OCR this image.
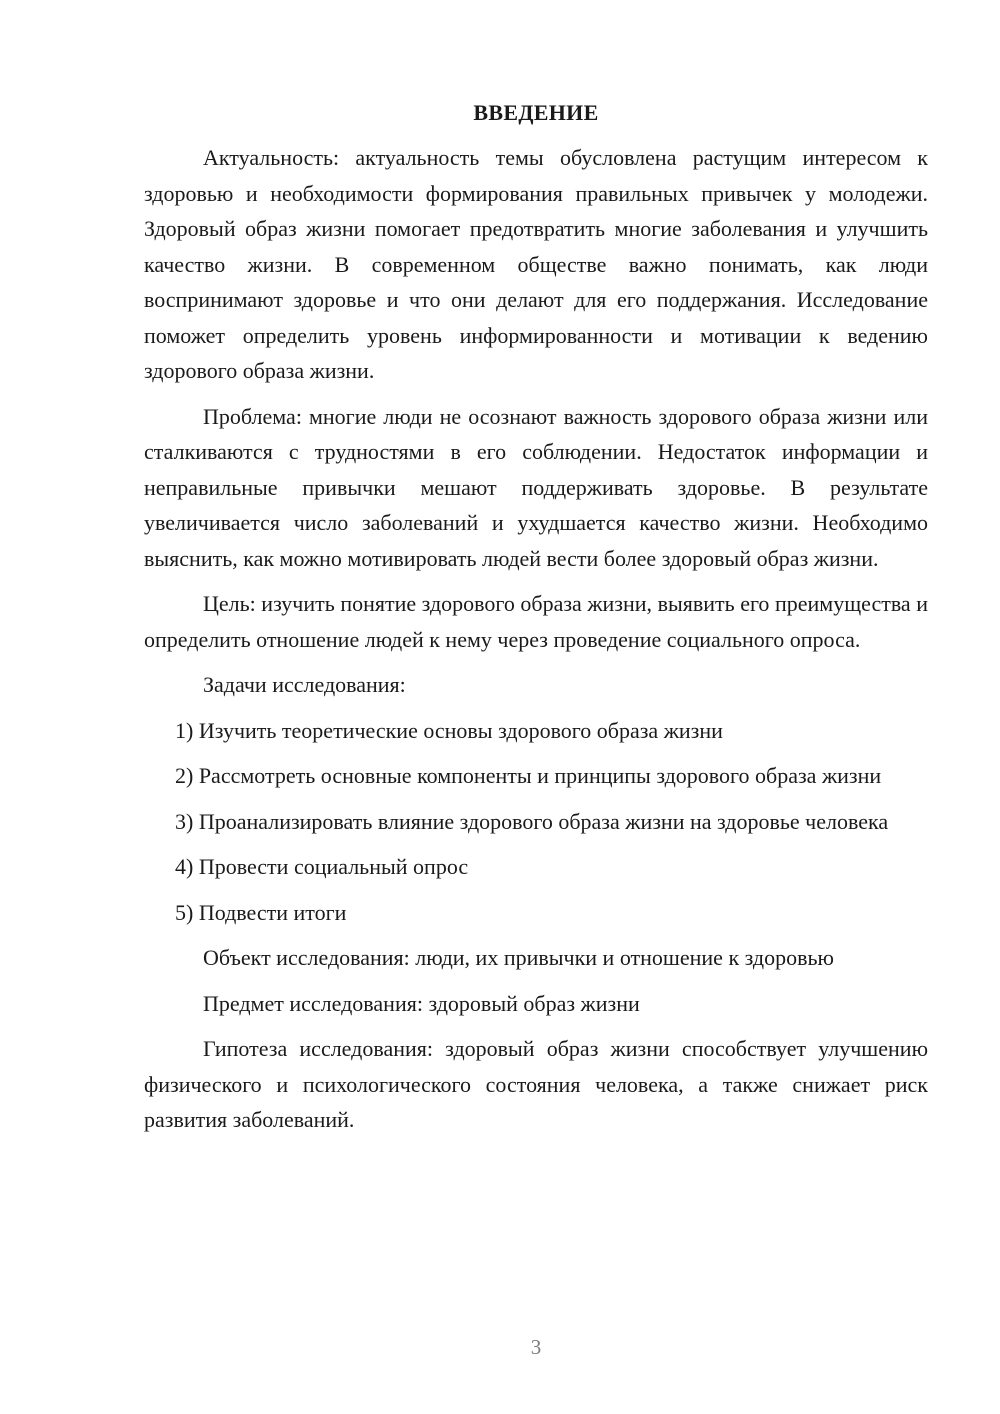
ВВЕДЕНИЕ

Актуальность: актуальность темы обусловлена растущим интересом к здоровью и необходимости формирования правильных привычек у молодежи. Здоровый образ жизни помогает предотвратить многие заболевания и улучшить качество жизни. В современном обществе важно понимать, как люди воспринимают здоровье и что они делают для его поддержания. Исследование поможет определить уровень информированности и мотивации к ведению здорового образа жизни.

Проблема: многие люди не осознают важность здорового образа жизни или сталкиваются с трудностями в его соблюдении. Недостаток информации и неправильные привычки мешают поддерживать здоровье. В результате увеличивается число заболеваний и ухудшается качество жизни. Необходимо выяснить, как можно мотивировать людей вести более здоровый образ жизни.

Цель: изучить понятие здорового образа жизни, выявить его преимущества и определить отношение людей к нему через проведение социального опроса.

Задачи исследования:

1) Изучить теоретические основы здорового образа жизни

2) Рассмотреть основные компоненты и принципы здорового образа жизни

3) Проанализировать влияние здорового образа жизни на здоровье человека

4) Провести социальный опрос

5) Подвести итоги

Объект исследования: люди, их привычки и отношение к здоровью

Предмет исследования: здоровый образ жизни

Гипотеза исследования: здоровый образ жизни способствует улучшению физического и психологического состояния человека, а также снижает риск развития заболеваний.

3
